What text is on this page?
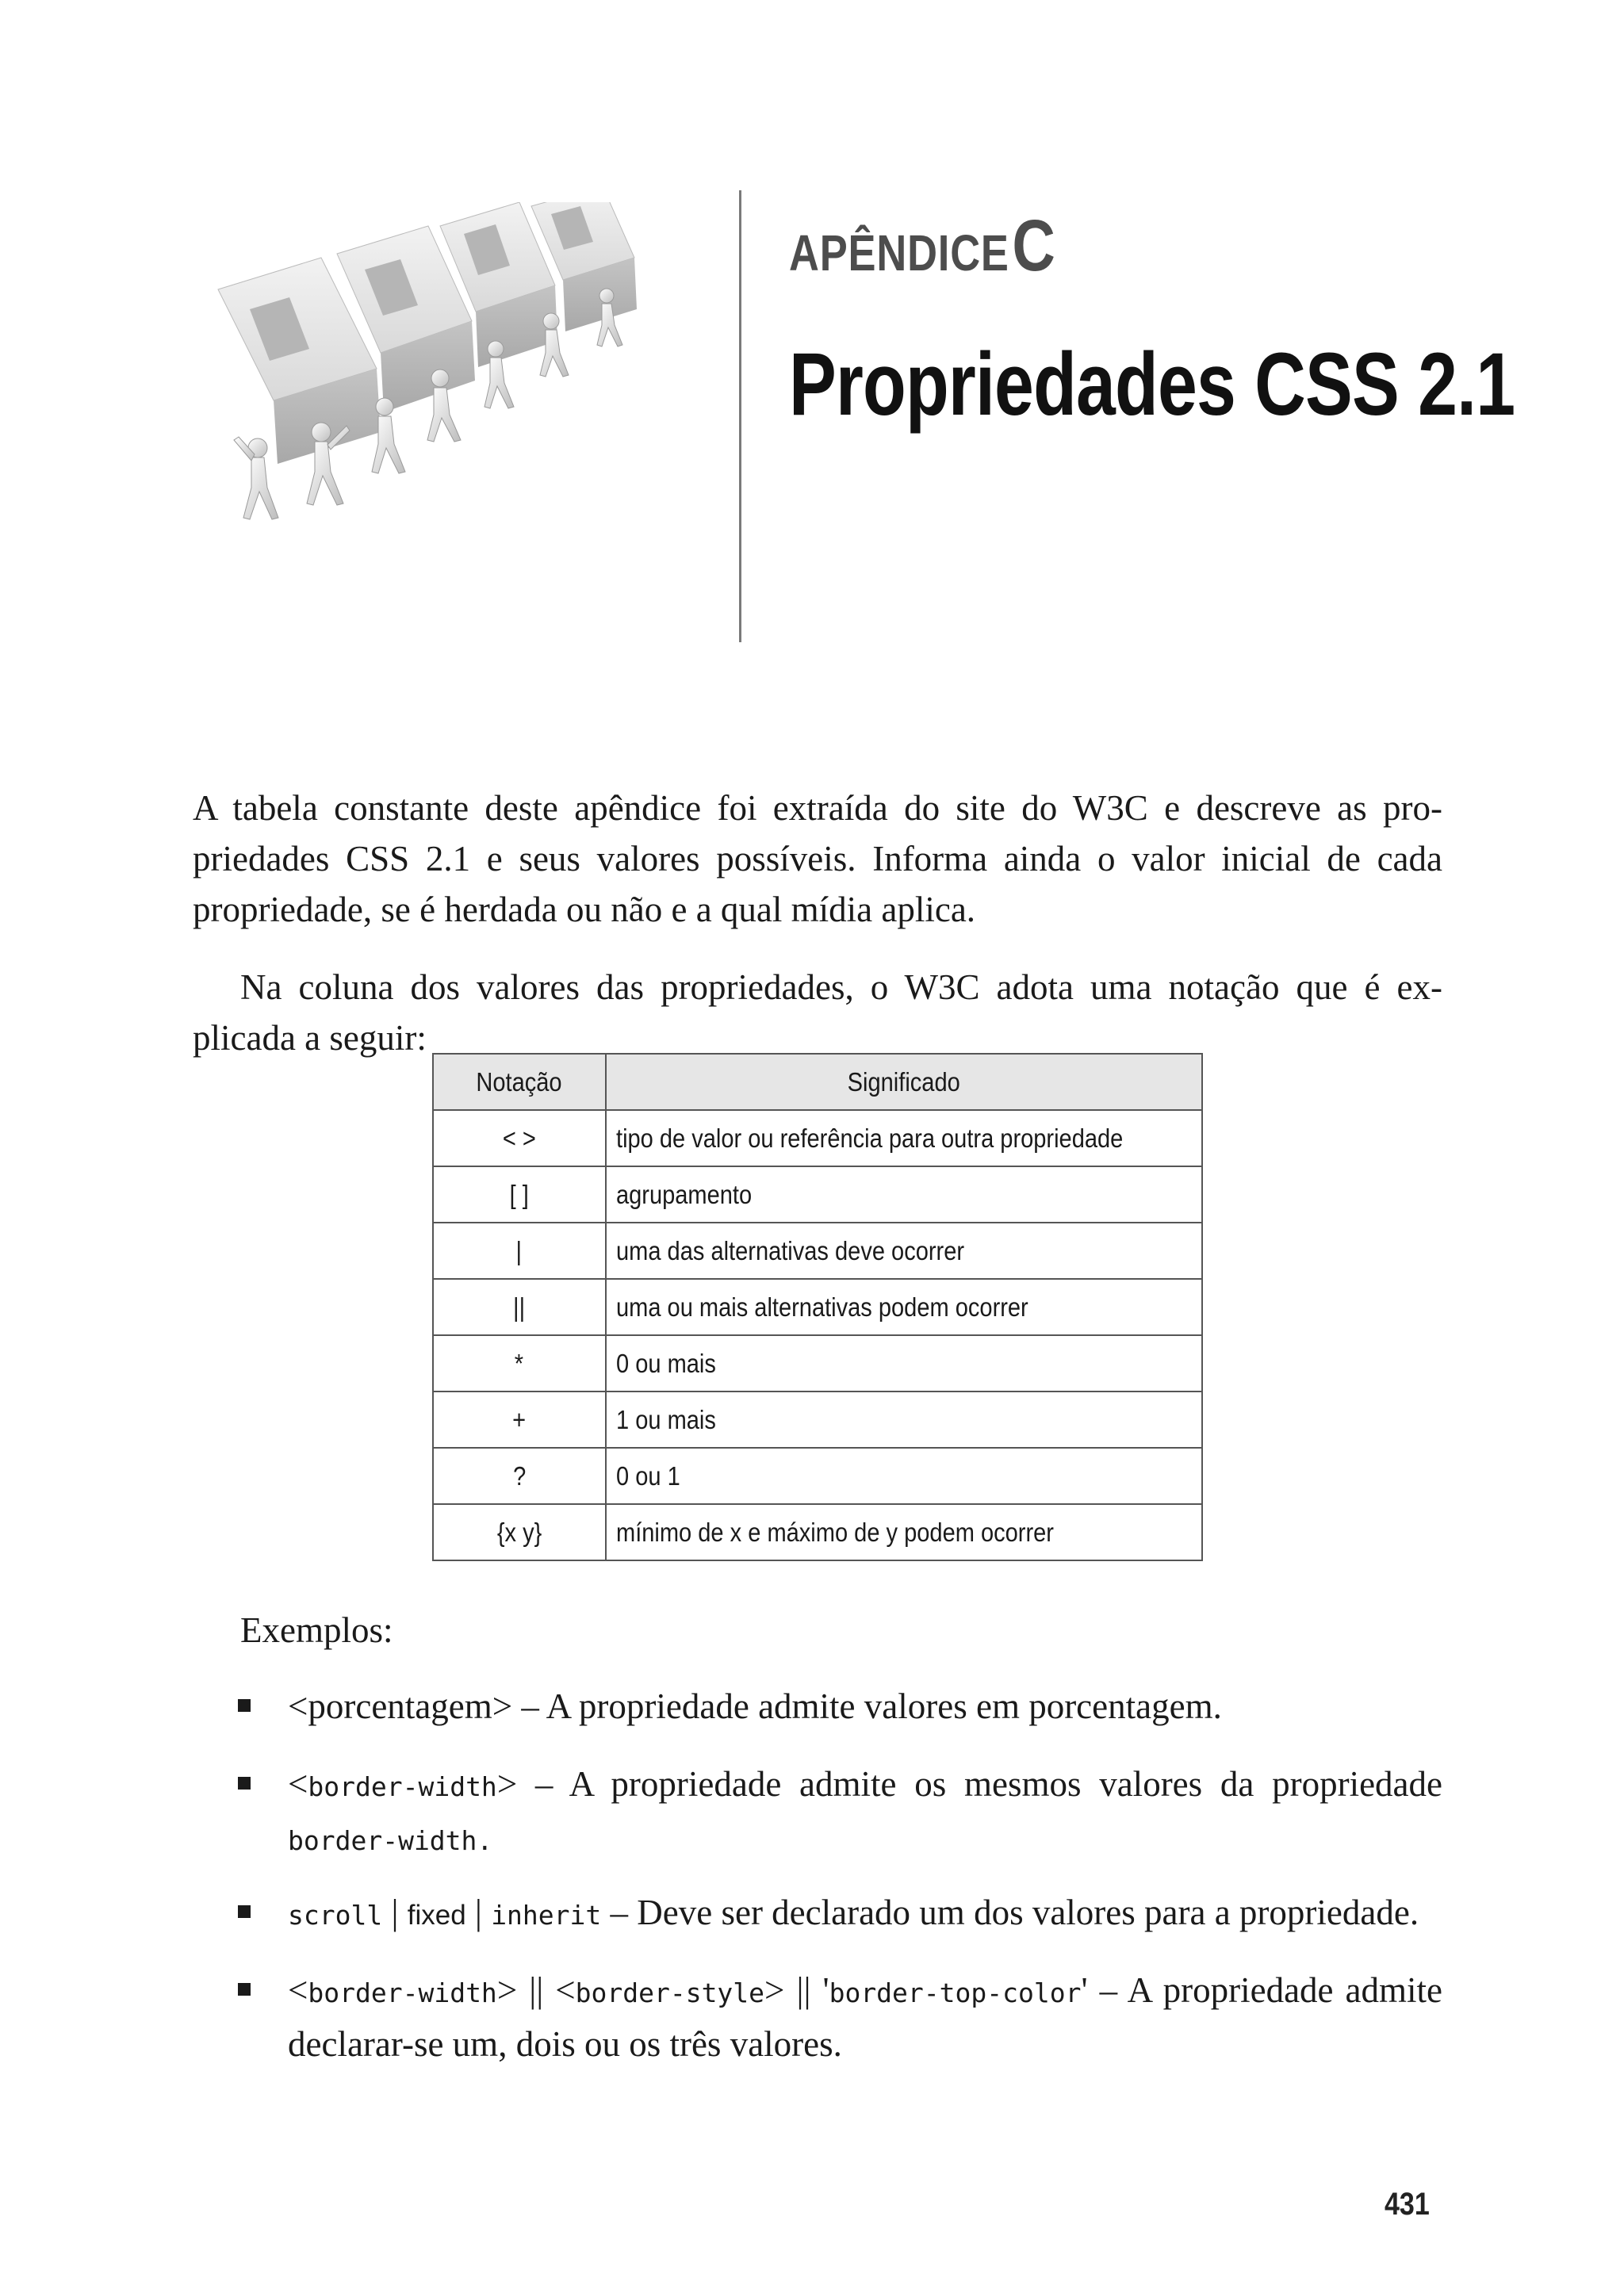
APÊNDICE C
Propriedades CSS 2.1

A tabela constante deste apêndice foi extraída do site do W3C e descreve as pro-priedades CSS 2.1 e seus valores possíveis. Informa ainda o valor inicial de cada propriedade, se é herdada ou não e a qual mídia aplica.

Na coluna dos valores das propriedades, o W3C adota uma notação que é ex-plicada a seguir:

Notação	Significado
< >	tipo de valor ou referência para outra propriedade
[ ]	agrupamento
|	uma das alternativas deve ocorrer
||	uma ou mais alternativas podem ocorrer
*	0 ou mais
+	1 ou mais
?	0 ou 1
{x y}	mínimo de x e máximo de y podem ocorrer
Exemplos:
<porcentagem> – A propriedade admite valores em porcentagem.
<border-width> – A propriedade admite os mesmos valores da propriedade border-width.
scroll | fixed | inherit – Deve ser declarado um dos valores para a propriedade.
<border-width> || <border-style> || 'border-top-color' – A propriedade admite declarar-se um, dois ou os três valores.
431
